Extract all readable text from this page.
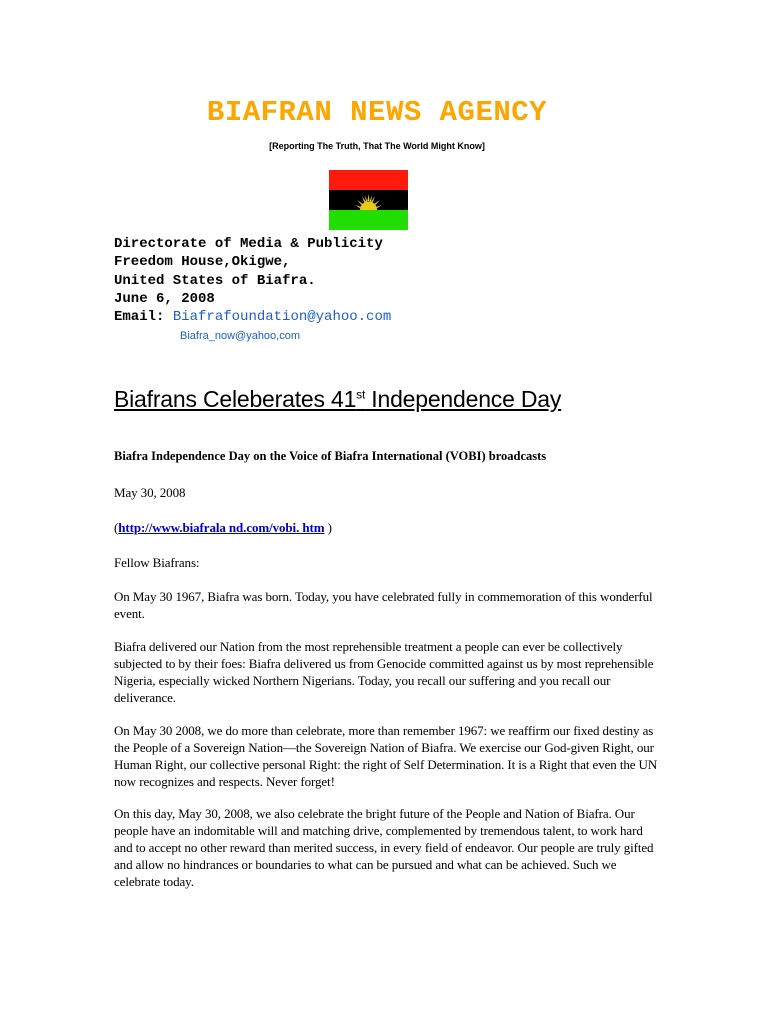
BIAFRAN NEWS AGENCY
[Reporting The Truth, That The World Might Know]
Directorate of Media & Publicity
Freedom House,Okigwe,
United States of Biafra.
June 6, 2008
Email: Biafrafoundation@yahoo.com
Biafra_now@yahoo,com
Biafrans Celeberates 41st Independence Day
Biafra Independence Day on the Voice of Biafra International (VOBI) broadcasts
May 30, 2008
(http://www.biafrala nd.com/vobi. htm )
Fellow Biafrans:
On May 30 1967, Biafra was born. Today, you have celebrated fully in commemoration of this wonderful event.
Biafra delivered our Nation from the most reprehensible treatment a people can ever be collectively subjected to by their foes: Biafra delivered us from Genocide committed against us by most reprehensible Nigeria, especially wicked Northern Nigerians. Today, you recall our suffering and you recall our deliverance.
On May 30 2008, we do more than celebrate, more than remember 1967: we reaffirm our fixed destiny as the People of a Sovereign Nation—the Sovereign Nation of Biafra. We exercise our God-given Right, our Human Right, our collective personal Right: the right of Self Determination. It is a Right that even the UN now recognizes and respects. Never forget!
On this day, May 30, 2008, we also celebrate the bright future of the People and Nation of Biafra. Our people have an indomitable will and matching drive, complemented by tremendous talent, to work hard and to accept no other reward than merited success, in every field of endeavor. Our people are truly gifted and allow no hindrances or boundaries to what can be pursued and what can be achieved. Such we celebrate today.
